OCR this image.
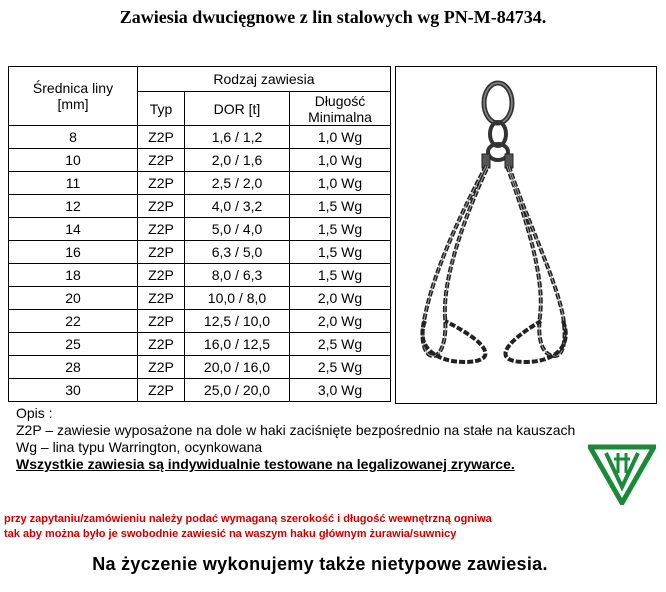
Zawiesia dwucięgnowe z lin stalowych wg PN-M-84734.
Średnica liny
[mm]	Rodzaj zawiesia		
	Typ	DOR [t]	Długość
Minimalna
8	Z2P	1,6 / 1,2	1,0 Wg
10	Z2P	2,0 / 1,6	1,0 Wg
11	Z2P	2,5 / 2,0	1,0 Wg
12	Z2P	4,0 / 3,2	1,5 Wg
14	Z2P	5,0 / 4,0	1,5 Wg
16	Z2P	6,3 / 5,0	1,5 Wg
18	Z2P	8,0 / 6,3	1,5 Wg
20	Z2P	10,0 / 8,0	2,0 Wg
22	Z2P	12,5 / 10,0	2,0 Wg
25	Z2P	16,0 / 12,5	2,5 Wg
28	Z2P	20,0 / 16,0	2,5 Wg
30	Z2P	25,0 / 20,0	3,0 Wg
Opis :
Z2P – zawiesie wyposażone na dole w haki zaciśnięte bezpośrednio na stałe na kauszach
Wg – lina typu Warrington, ocynkowana
Wszystkie zawiesia są indywidualnie testowane na legalizowanej zrywarce.
przy zapytaniu/zamówieniu należy podać wymaganą szerokość i długość wewnętrzną ogniwa
tak aby można było je swobodnie zawiesić na waszym haku głównym żurawia/suwnicy
Na życzenie wykonujemy także nietypowe zawiesia.
